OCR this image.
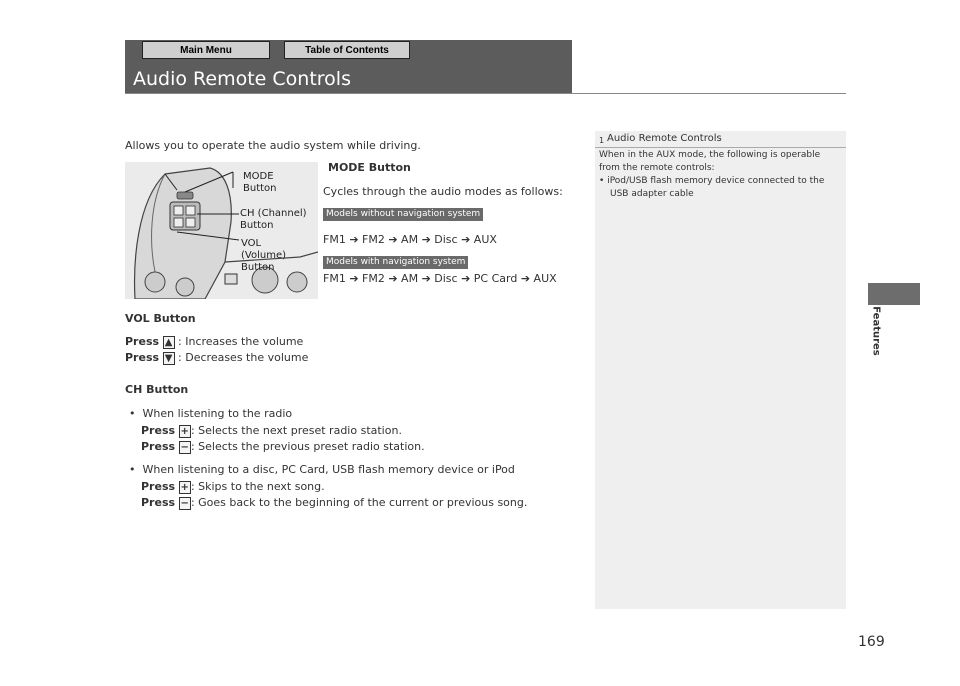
Main Menu	Table of Contents
Audio Remote Controls
Features
169
Allows you to operate the audio system while driving.
MODE
Button
CH (Channel)
Button
VOL
(Volume)
Button
MODE Button
Cycles through the audio modes as follows:
Models without navigation system
FM1 ➔ FM2 ➔ AM ➔ Disc ➔ AUX
Models with navigation system
FM1 ➔ FM2 ➔ AM ➔ Disc ➔ PC Card ➔ AUX
VOL Button
Press ▲ : Increases the volume
Press ▼ : Decreases the volume
CH Button
• When listening to the radio
Press + : Selects the next preset radio station.
Press − : Selects the previous preset radio station.
• When listening to a disc, PC Card, USB flash memory device or iPod
Press + : Skips to the next song.
Press − : Goes back to the beginning of the current or previous song.
1 Audio Remote Controls
When in the AUX mode, the following is operable
from the remote controls:
• iPod/USB flash memory device connected to the
USB adapter cable
